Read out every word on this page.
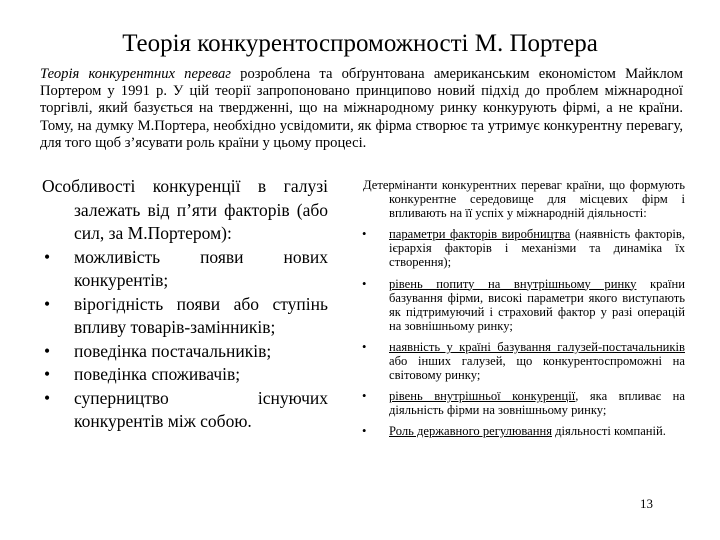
Теорія конкурентоспроможності М. Портера
Теорія конкурентних переваг розроблена та обґрунтована американським економістом Майклом Портером у 1991 р. У цій теорії запропоновано принципово новий підхід до проблем міжнародної торгівлі, який базується на твердженні, що на міжнародному ринку конкурують фірмі, а не країни. Тому, на думку М.Портера, необхідно усвідомити, як фірма створює та утримує конкурентну перевагу, для того щоб з’ясувати роль країни у цьому процесі.
Особливості конкуренції в галузі залежать від п’яти факторів (або сил, за М.Портером):
• можливість появи нових конкурентів;
• вірогідність появи або ступінь впливу товарів-замінників;
• поведінка постачальників;
• поведінка споживачів;
• суперництво існуючих конкурентів між собою.
Детермінанти конкурентних переваг країни, що формують конкурентне середовище для місцевих фірм і впливають на її успіх у міжнародній діяльності:
• параметри факторів виробництва (наявність факторів, ієрархія факторів і механізми та динаміка їх створення);
• рівень попиту на внутрішньому ринку країни базування фірми, високі параметри якого виступають як підтримуючий і страховий фактор у разі операцій на зовнішньому ринку;
• наявність у країні базування галузей-постачальників або інших галузей, що конкурентоспроможні на світовому ринку;
• рівень внутрішньої конкуренції, яка впливає на діяльність фірми на зовнішньому ринку;
• Роль державного регулювання діяльності компаній.
13
